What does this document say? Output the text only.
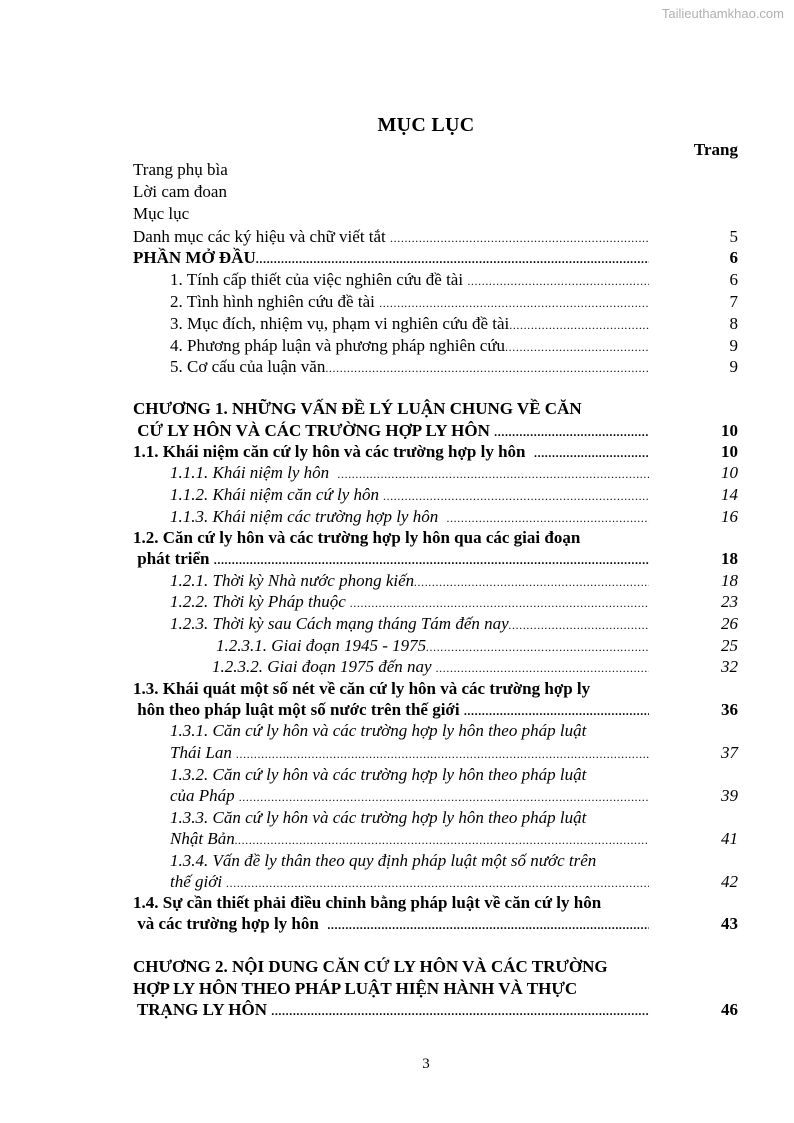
Tailieuthamkhao.com
MỤC LỤC
Trang
Trang phụ bìa
Lời cam đoan
Mục lục
Danh mục các ký hiệu và chữ viết tắt .....	5
PHẦN MỞ ĐẦU .....	6
1. Tính cấp thiết của việc nghiên cứu đề tài .....	6
2. Tình hình nghiên cứu đề tài .....	7
3. Mục đích, nhiệm vụ, phạm vi nghiên cứu đề tài .....	8
4. Phương pháp luận và phương pháp nghiên cứu .....	9
5. Cơ cấu của luận văn .....	9
CHƯƠNG 1. NHỮNG VẤN ĐỀ LÝ LUẬN CHUNG VỀ CĂN
CỨ LY HÔN VÀ CÁC TRƯỜNG HỢP LY HÔN .....	10
1.1. Khái niệm căn cứ ly hôn và các trường hợp ly hôn .....	10
1.1.1. Khái niệm ly hôn .....	10
1.1.2. Khái niệm căn cứ ly hôn .....	14
1.1.3. Khái niệm các trường hợp ly hôn .....	16
1.2. Căn cứ ly hôn và các trường hợp ly hôn qua các giai đoạn
phát triển .....	18
1.2.1. Thời kỳ Nhà nước phong kiến .....	18
1.2.2. Thời kỳ Pháp thuộc .....	23
1.2.3. Thời kỳ sau Cách mạng tháng Tám đến nay .....	26
1.2.3.1. Giai đoạn 1945 - 1975 .....	25
1.2.3.2. Giai đoạn 1975 đến nay .....	32
1.3. Khái quát một số nét về căn cứ ly hôn và các trường hợp ly
hôn theo pháp luật một số nước trên thế giới .....	36
1.3.1. Căn cứ ly hôn và các trường hợp ly hôn theo pháp luật
Thái Lan .....	37
1.3.2. Căn cứ ly hôn và các trường hợp ly hôn theo pháp luật
của Pháp .....	39
1.3.3. Căn cứ ly hôn và các trường hợp ly hôn theo pháp luật
Nhật Bản .....	41
1.3.4. Vấn đề ly thân theo quy định pháp luật một số nước trên
thế giới .....	42
1.4. Sự cần thiết phải điều chỉnh bằng pháp luật về căn cứ ly hôn
và các trường hợp ly hôn .....	43
CHƯƠNG 2. NỘI DUNG CĂN CỨ LY HÔN VÀ CÁC TRƯỜNG
HỢP LY HÔN THEO PHÁP LUẬT HIỆN HÀNH VÀ THỰC
TRẠNG LY HÔN .....	46
3
